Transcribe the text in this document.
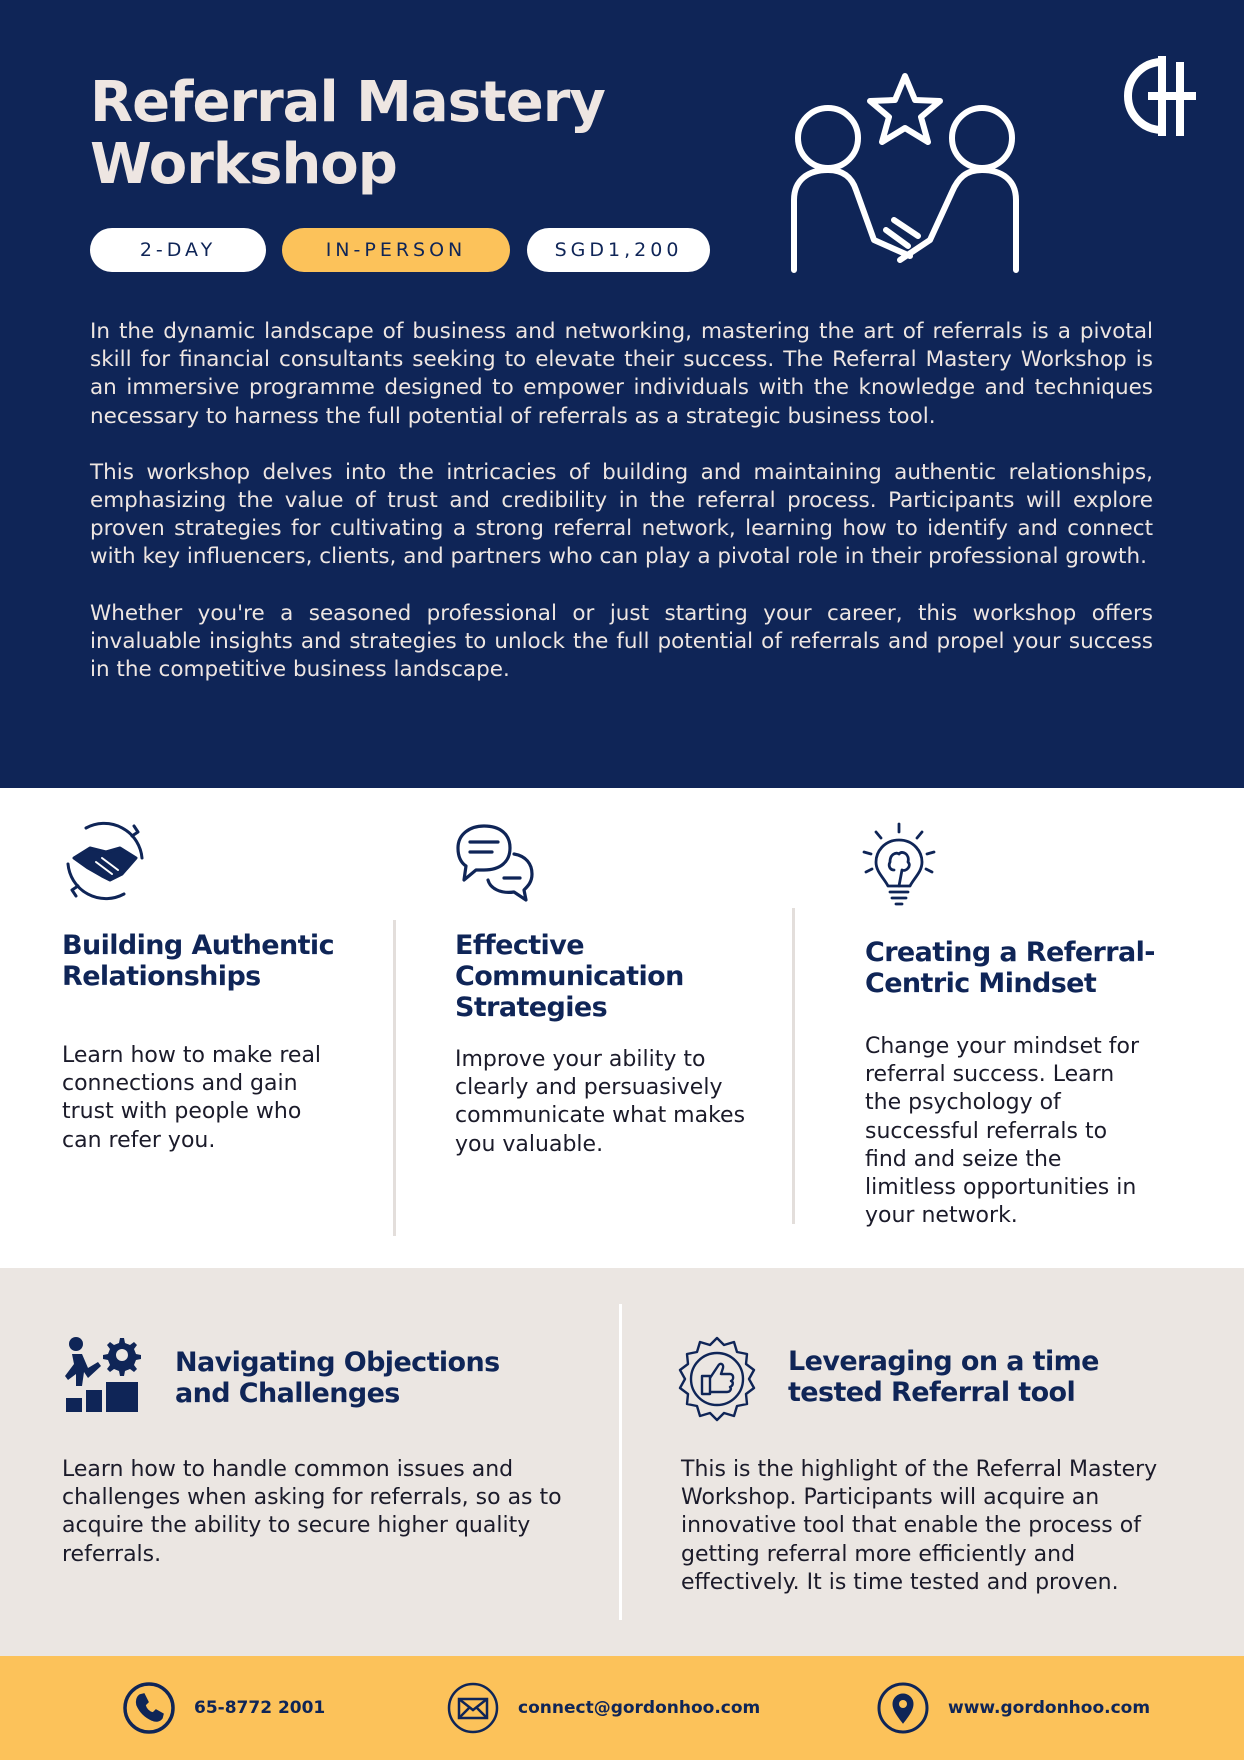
Referral Mastery Workshop
2-DAY	IN-PERSON	SGD1,200

In the dynamic landscape of business and networking, mastering the art of referrals is a pivotal skill for financial consultants seeking to elevate their success. The Referral Mastery Workshop is an immersive programme designed to empower individuals with the knowledge and techniques necessary to harness the full potential of referrals as a strategic business tool.

This workshop delves into the intricacies of building and maintaining authentic relationships, emphasizing the value of trust and credibility in the referral process. Participants will explore proven strategies for cultivating a strong referral network, learning how to identify and connect with key influencers, clients, and partners who can play a pivotal role in their professional growth.

Whether you're a seasoned professional or just starting your career, this workshop offers invaluable insights and strategies to unlock the full potential of referrals and propel your success in the competitive business landscape.

Building Authentic Relationships

Learn how to make real connections and gain trust with people who can refer you.

Effective Communication Strategies

Improve your ability to clearly and persuasively communicate what makes you valuable.

Creating a Referral-Centric Mindset

Change your mindset for referral success. Learn the psychology of successful referrals to find and seize the limitless opportunities in your network.

Navigating Objections and Challenges

Learn how to handle common issues and challenges when asking for referrals, so as to acquire the ability to secure higher quality referrals.

Leveraging on a time tested Referral tool

This is the highlight of the Referral Mastery Workshop. Participants will acquire an innovative tool that enable the process of getting referral more efficiently and effectively. It is time tested and proven.

65-8772 2001	connect@gordonhoo.com	www.gordonhoo.com
